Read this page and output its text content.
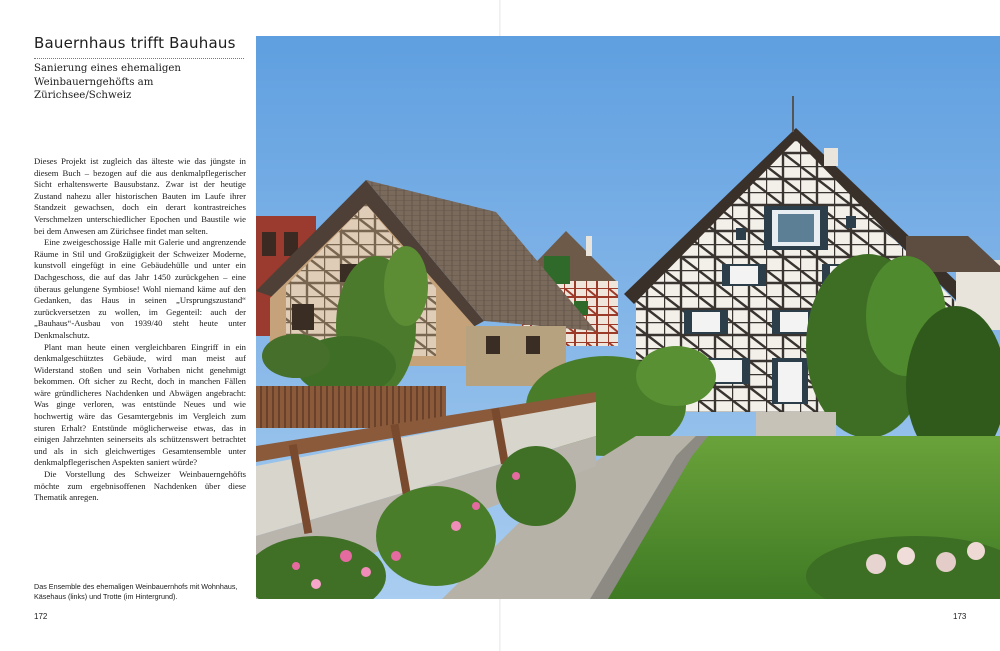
Bauernhaus trifft Bauhaus
Sanierung eines ehemaligen Weinbauerngehöfts am Zürichsee/Schweiz

Dieses Projekt ist zugleich das älteste wie das jüngste in diesem Buch – bezogen auf die aus denkmalpflegerischer Sicht erhaltenswerte Bausubstanz. Zwar ist der heutige Zustand nahezu aller historischen Bauten im Laufe ihrer Standzeit gewachsen, doch ein derart kontrastreiches Verschmelzen unterschiedlicher Epochen und Baustile wie bei dem Anwesen am Zürichsee findet man selten.

Eine zweigeschossige Halle mit Galerie und angrenzende Räume in Stil und Großzügigkeit der Schweizer Moderne, kunstvoll eingefügt in eine Gebäudehülle und unter ein Dachgeschoss, die auf das Jahr 1450 zurückgehen – eine überaus gelungene Symbiose! Wohl niemand käme auf den Gedanken, das Haus in seinen „Ursprungszustand“ zurückversetzen zu wollen, im Gegenteil: auch der „Bauhaus“-Ausbau von 1939/40 steht heute unter Denkmalschutz.

Plant man heute einen vergleichbaren Eingriff in ein denkmalgeschütztes Gebäude, wird man meist auf Widerstand stoßen und sein Vorhaben nicht genehmigt bekommen. Oft sicher zu Recht, doch in manchen Fällen wäre gründlicheres Nachdenken und Abwägen angebracht: Was ginge verloren, was entstünde Neues und wie hochwertig wäre das Gesamtergebnis im Vergleich zum sturen Erhalt? Entstünde möglicherweise etwas, das in einigen Jahrzehnten seinerseits als schützenswert betrachtet und als in sich gleichwertiges Gesamtensemble unter denkmalpflegerischen Aspekten saniert würde?

Die Vorstellung des Schweizer Weinbauerngehöfts möchte zum ergebnisoffenen Nachdenken über diese Thematik anregen.

Das Ensemble des ehemaligen Weinbauernhofs mit Wohnhaus, Käsehaus (links) und Trotte (im Hintergrund).
172	173
